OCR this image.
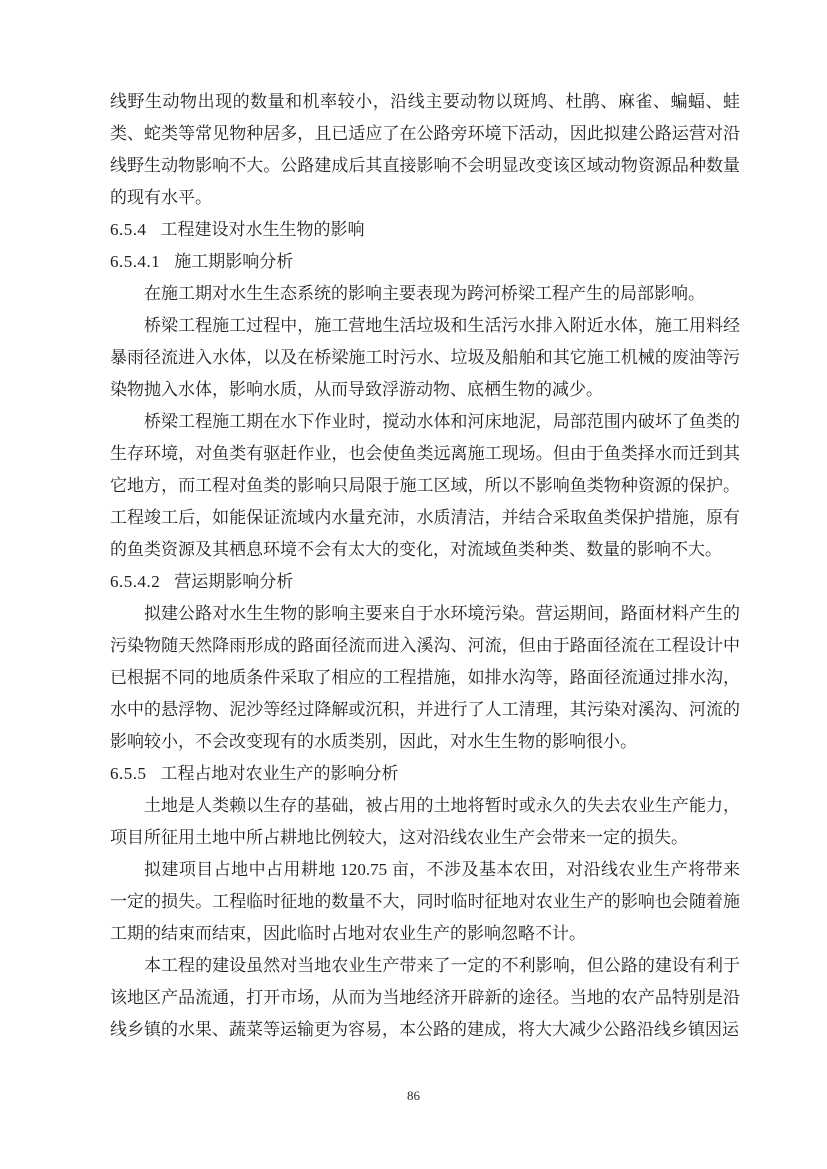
线野生动物出现的数量和机率较小，沿线主要动物以斑鸠、杜鹃、麻雀、蝙蝠、蛙类、蛇类等常见物种居多，且已适应了在公路旁环境下活动，因此拟建公路运营对沿线野生动物影响不大。公路建成后其直接影响不会明显改变该区域动物资源品种数量的现有水平。

6.5.4 工程建设对水生生物的影响
6.5.4.1 施工期影响分析

在施工期对水生生态系统的影响主要表现为跨河桥梁工程产生的局部影响。

桥梁工程施工过程中，施工营地生活垃圾和生活污水排入附近水体，施工用料经暴雨径流进入水体，以及在桥梁施工时污水、垃圾及船舶和其它施工机械的废油等污染物抛入水体，影响水质，从而导致浮游动物、底栖生物的减少。

桥梁工程施工期在水下作业时，搅动水体和河床地泥，局部范围内破坏了鱼类的生存环境，对鱼类有驱赶作业，也会使鱼类远离施工现场。但由于鱼类择水而迁到其它地方，而工程对鱼类的影响只局限于施工区域，所以不影响鱼类物种资源的保护。工程竣工后，如能保证流域内水量充沛，水质清洁，并结合采取鱼类保护措施，原有的鱼类资源及其栖息环境不会有太大的变化，对流域鱼类种类、数量的影响不大。

6.5.4.2 营运期影响分析

拟建公路对水生生物的影响主要来自于水环境污染。营运期间，路面材料产生的污染物随天然降雨形成的路面径流而进入溪沟、河流，但由于路面径流在工程设计中已根据不同的地质条件采取了相应的工程措施，如排水沟等，路面径流通过排水沟，水中的悬浮物、泥沙等经过降解或沉积，并进行了人工清理，其污染对溪沟、河流的影响较小，不会改变现有的水质类别，因此，对水生生物的影响很小。

6.5.5 工程占地对农业生产的影响分析

土地是人类赖以生存的基础，被占用的土地将暂时或永久的失去农业生产能力，项目所征用土地中所占耕地比例较大，这对沿线农业生产会带来一定的损失。

拟建项目占地中占用耕地 120.75 亩，不涉及基本农田，对沿线农业生产将带来一定的损失。工程临时征地的数量不大，同时临时征地对农业生产的影响也会随着施工期的结束而结束，因此临时占地对农业生产的影响忽略不计。

本工程的建设虽然对当地农业生产带来了一定的不利影响，但公路的建设有利于该地区产品流通，打开市场，从而为当地经济开辟新的途径。当地的农产品特别是沿线乡镇的水果、蔬菜等运输更为容易，本公路的建成，将大大减少公路沿线乡镇因运

86
